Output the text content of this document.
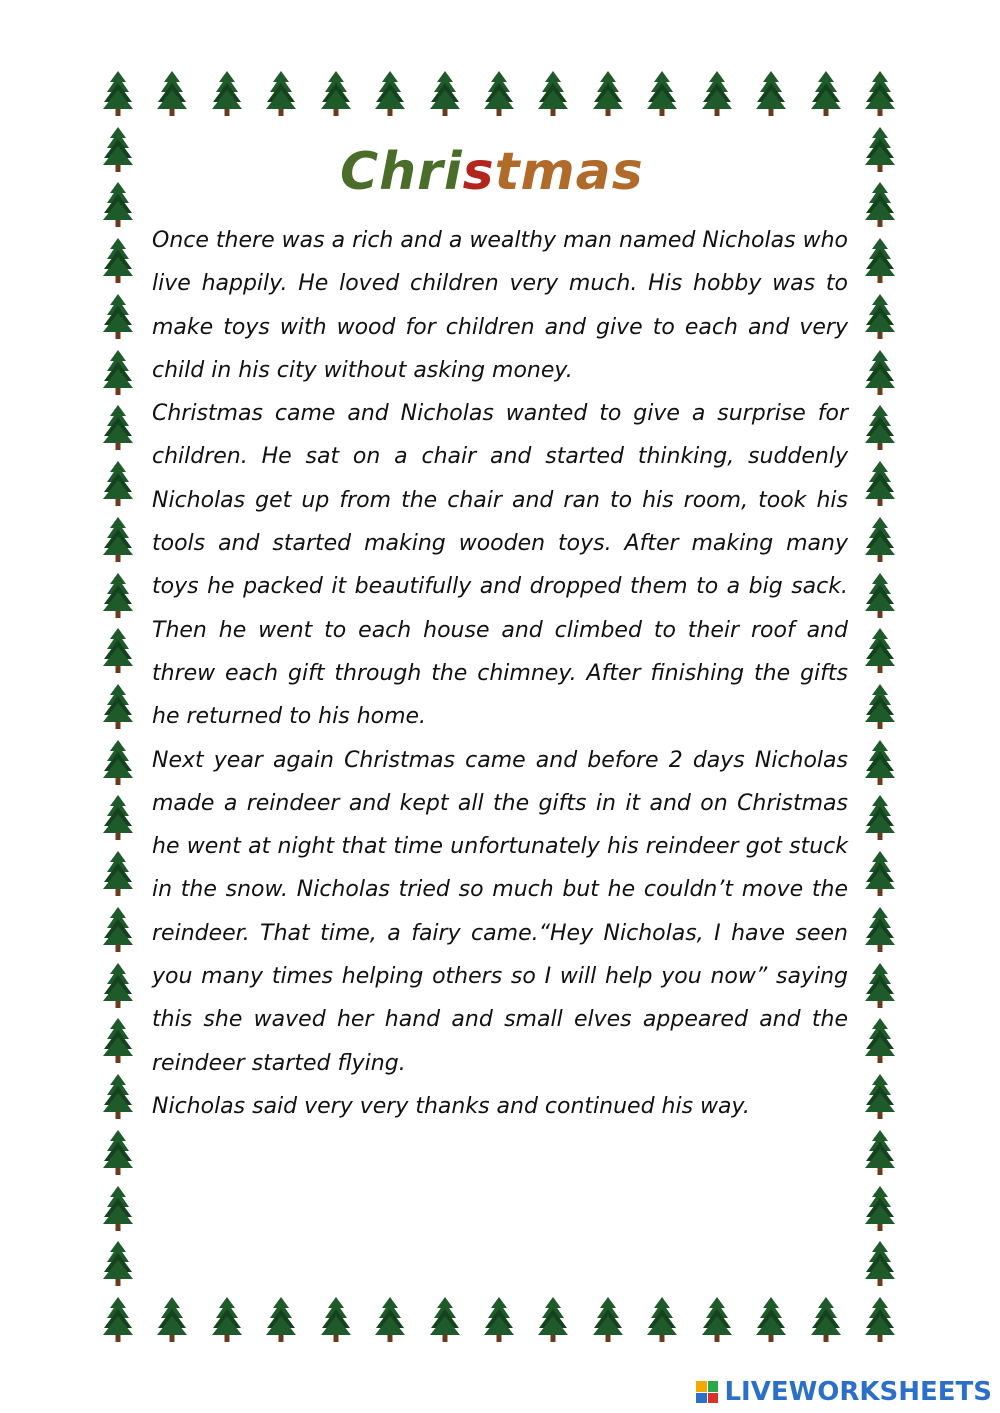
Christmas

Once there was a rich and a wealthy man named Nicholas who live happily. He loved children very much. His hobby was to make toys with wood for children and give to each and very child in his city without asking money.

Christmas came and Nicholas wanted to give a surprise for children. He sat on a chair and started thinking, suddenly Nicholas get up from the chair and ran to his room, took his tools and started making wooden toys. After making many toys he packed it beautifully and dropped them to a big sack. Then he went to each house and climbed to their roof and threw each gift through the chimney. After finishing the gifts he returned to his home.

Next year again Christmas came and before 2 days Nicholas made a reindeer and kept all the gifts in it and on Christmas he went at night that time unfortunately his reindeer got stuck in the snow. Nicholas tried so much but he couldn’t move the reindeer. That time, a fairy came.“Hey Nicholas, I have seen you many times helping others so I will help you now” saying this she waved her hand and small elves appeared and the reindeer started flying.

Nicholas said very very thanks and continued his way.

LIVEWORKSHEETS
